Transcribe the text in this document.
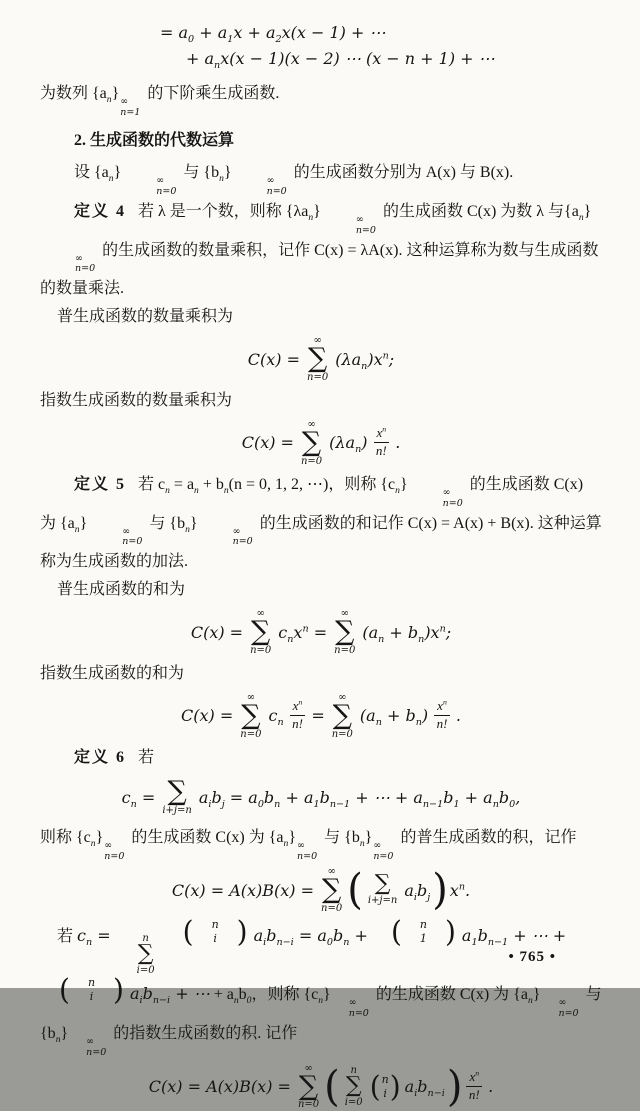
= $a_0 + a_1x + a_2x(x - 1)$ + ⋯
+ $a_nx(x - 1)(x - 2)$ ⋯ (x − n + 1) + ⋯

为数列 $\{a_n\}$ ∞
n=1
的下阶乘生成函数.

2. 生成函数的代数运算

设 $\{a_n\}$	∞
n=0
与 $\{b_n\}$	∞
n=0
的生成函数分别为 A(x) 与 B(x).

定义 4 若 λ 是一个数，则称 $\{\lambda a_n\}$	∞
n=0
的生成函数 C(x) 为数 λ 与$\{a_n\}$
∞
n=0
的生成函数的数量乘积，记作 C(x) = λA(x). 这种运算称为数与生成函数的数量乘法.

普生成函数的数量乘积为

C(x) =
∞
∑
n=0
$(\lambda a_n)x^n$;

指数生成函数的数量乘积为

C(x) =
∞
∑
n=0
$(\lambda a_n) \frac{x^n}{n!}$ .

定义 5 若 $c_n = a_n + b_n(n = 0$, 1, 2, ⋯)，则称 $\{c_n\}$	∞
n=0
的生成函数 C(x) 为 $\{a_n\}$	∞
n=0
与 $\{b_n\}$	∞
n=0
的生成函数的和记作 C(x) = A(x) + B(x). 这种运算称为生成函数的加法.

普生成函数的和为

C(x) =
∞
∑
n=0
$c_nx^n$ =
∞
∑
n=0
$(a_n + b_n)x^n$;

指数生成函数的和为

C(x) =
∞
∑
n=0
$c_n \frac{x^n}{n!}$ =
∞
∑
n=0
$(a_n + b_n) \frac{x^n}{n!}$ .

定义 6 若

$c_n$ = ∑
i+j=n
$a_ib_j = a_0b_n + a_1b_{n-1}$ + ⋯ + $a_{n-1}b_1 + a_nb_0$,

则称 $\{c_n\}$ ∞
n=0
的生成函数 C(x) 为 $\{a_n\}$ ∞
n=0
与 $\{b_n\}$ ∞
n=0
的普生成函数的积，记作

C(x) = A(x)B(x) =
∞
∑
n=0 ( ∑
i+j=n
$a_ib_j$ ) $x^n$.

若 $c_n$ =	n
∑
i=0

(	n
i ) $a_ib_{n-i} = a_0b_n$ + (	n
1 ) $a_1b_{n-1}$ + ⋯ +
(	n
i ) $a_ib_{n-i}$ + ⋯ + $a_nb_0$，则称 $\{c_n\}$	∞
n=0
的生成函数 C(x) 为 $\{a_n\}$	∞
n=0
与 $\{b_n\}$	∞
n=0
的指数生成函数的积. 记作

C(x) = A(x)B(x) =
∞
∑
n=0 ( n
∑
i=0 ( n
i ) $a_ib_{n-i}$ ) $\frac{x^n}{n!}$ .
• 765 •
